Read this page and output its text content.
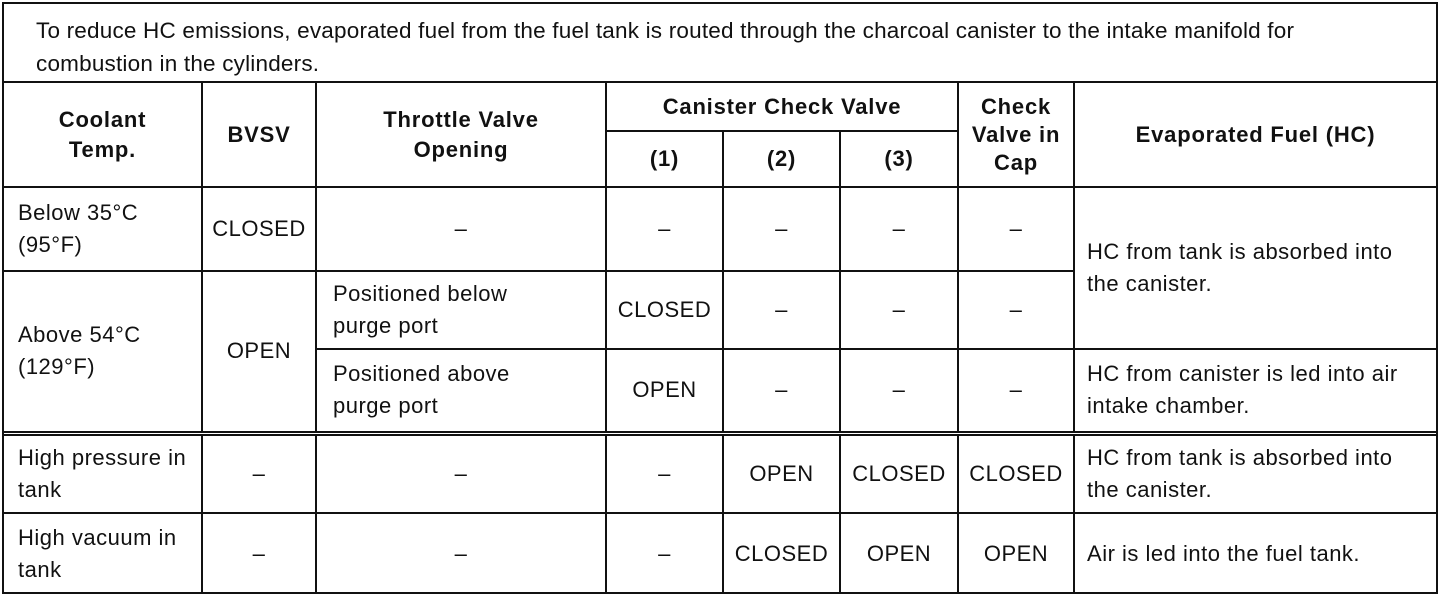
To reduce HC emissions, evaporated fuel from the fuel tank is routed through the charcoal canister to the intake manifold for combustion in the cylinders.
Coolant Temp.	BVSV	Throttle Valve Opening	Canister Check Valve			Check Valve in Cap	Evaporated Fuel (HC)
			(1)	(2)	(3)		
Below 35°C (95°F)	CLOSED	–	–	–	–	–	HC from tank is absorbed into the canister.
Above 54°C (129°F)	OPEN	Positioned below purge port	CLOSED	–	–	–	
		Positioned above purge port	OPEN	–	–	–	HC from canister is led into air intake chamber.
High pressure in tank	–	–	–	OPEN	CLOSED	CLOSED	HC from tank is absorbed into the canister.
High vacuum in tank	–	–	–	CLOSED	OPEN	OPEN	Air is led into the fuel tank.
